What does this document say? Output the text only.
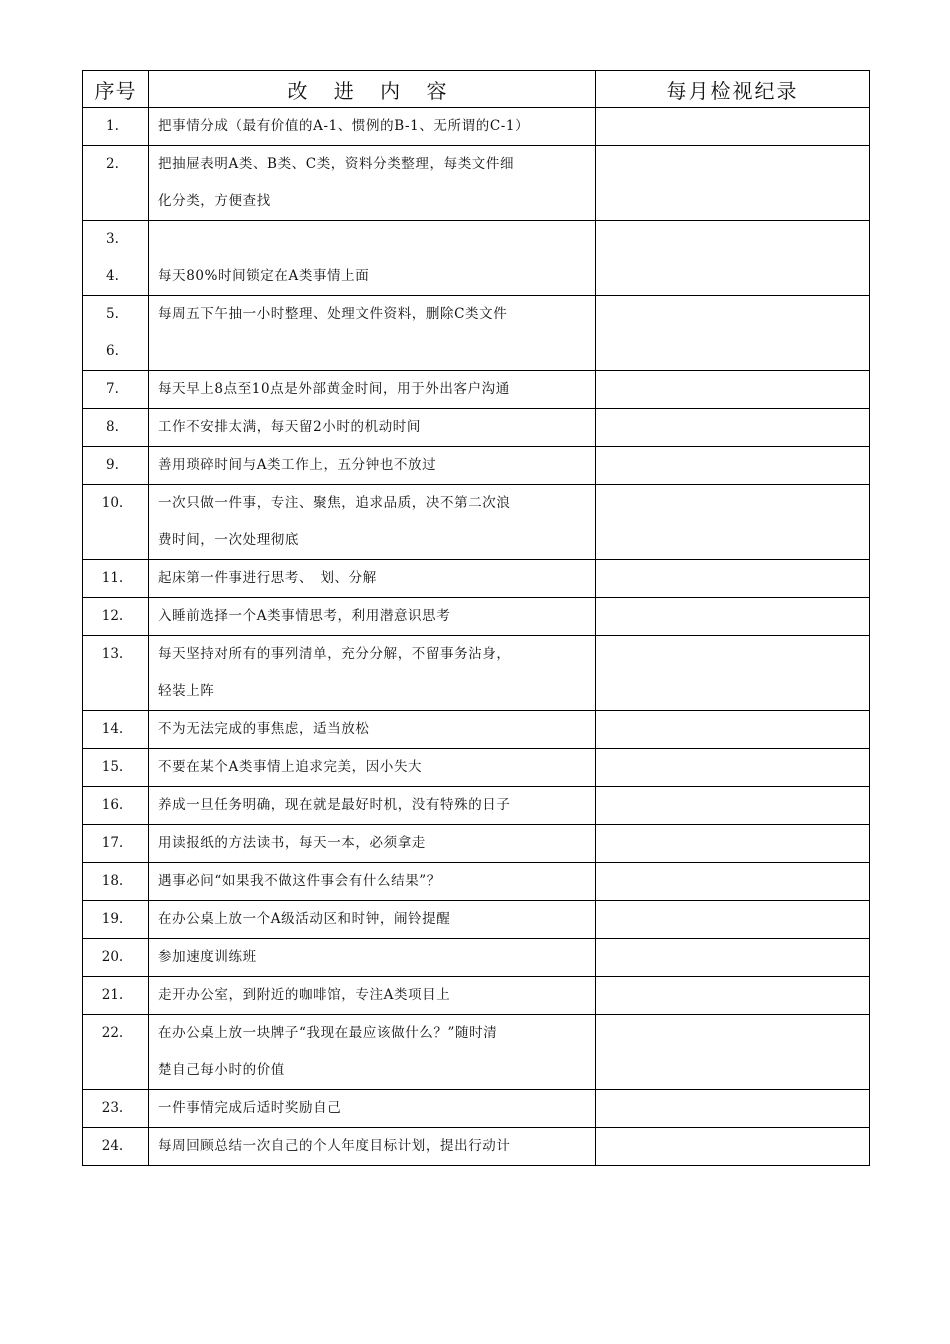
序号	改 进 内 容	每月检视纪录

1.	把事情分成（最有价值的A-1、惯例的B-1、无所谓的C-1）	

2.	把抽屉表明A类、B类、C类，资料分类整理，每类文件细
化分类，方便查找	

3.
4.	每天80%时间锁定在A类事情上面	

5.
6.	每周五下午抽一小时整理、处理文件资料，删除C类文件	

7.	每天早上8点至10点是外部黄金时间，用于外出客户沟通	

8.	工作不安排太满，每天留2小时的机动时间	

9.	善用琐碎时间与A类工作上，五分钟也不放过	

10.	一次只做一件事，专注、聚焦，追求品质，决不第二次浪
费时间，一次处理彻底	

11.	起床第一件事进行思考、　划、分解	

12.	入睡前选择一个A类事情思考，利用潜意识思考	

13.	每天坚持对所有的事列清单，充分分解，不留事务沾身，
轻装上阵	

14.	不为无法完成的事焦虑，适当放松	

15.	不要在某个A类事情上追求完美，因小失大	

16.	养成一旦任务明确，现在就是最好时机，没有特殊的日子	

17.	用读报纸的方法读书，每天一本，必须拿走	

18.	遇事必问“如果我不做这件事会有什么结果”？	

19.	在办公桌上放一个A级活动区和时钟，闹铃提醒	

20.	参加速度训练班	

21.	走开办公室，到附近的咖啡馆，专注A类项目上	

22.	在办公桌上放一块牌子“我现在最应该做什么？”随时清
楚自己每小时的价值	

23.	一件事情完成后适时奖励自己	

24.	每周回顾总结一次自己的个人年度目标计划，提出行动计	
